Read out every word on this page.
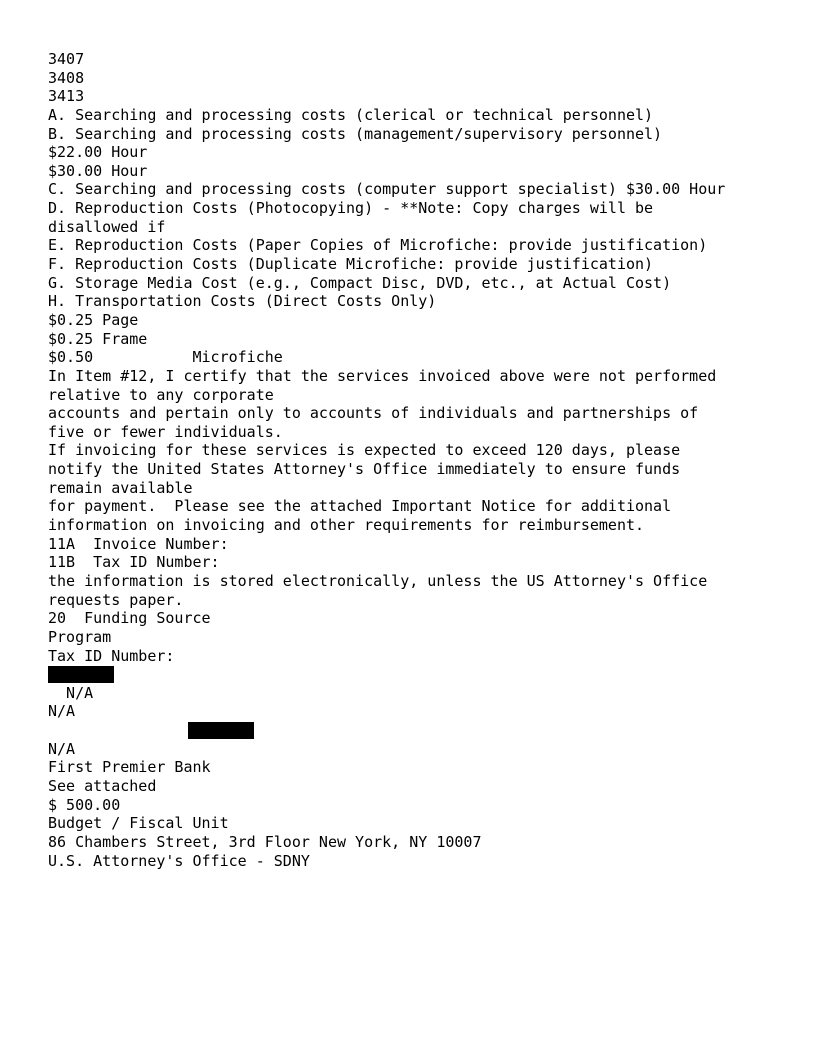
3407
3408
3413
A. Searching and processing costs (clerical or technical personnel)
B. Searching and processing costs (management/supervisory personnel)
$22.00 Hour
$30.00 Hour
C. Searching and processing costs (computer support specialist) $30.00 Hour
D. Reproduction Costs (Photocopying) - **Note: Copy charges will be
disallowed if
E. Reproduction Costs (Paper Copies of Microfiche: provide justification)
F. Reproduction Costs (Duplicate Microfiche: provide justification)
G. Storage Media Cost (e.g., Compact Disc, DVD, etc., at Actual Cost)
H. Transportation Costs (Direct Costs Only)
$0.25 Page
$0.25 Frame
$0.50           Microfiche
In Item #12, I certify that the services invoiced above were not performed
relative to any corporate
accounts and pertain only to accounts of individuals and partnerships of
five or fewer individuals.
If invoicing for these services is expected to exceed 120 days, please
notify the United States Attorney's Office immediately to ensure funds
remain available
for payment.  Please see the attached Important Notice for additional
information on invoicing and other requirements for reimbursement.
11A  Invoice Number:
11B  Tax ID Number:
the information is stored electronically, unless the US Attorney's Office
requests paper.
20  Funding Source
Program
Tax ID Number:
N/A
N/A
N/A
First Premier Bank
See attached
$ 500.00
Budget / Fiscal Unit
86 Chambers Street, 3rd Floor New York, NY 10007
U.S. Attorney's Office - SDNY
